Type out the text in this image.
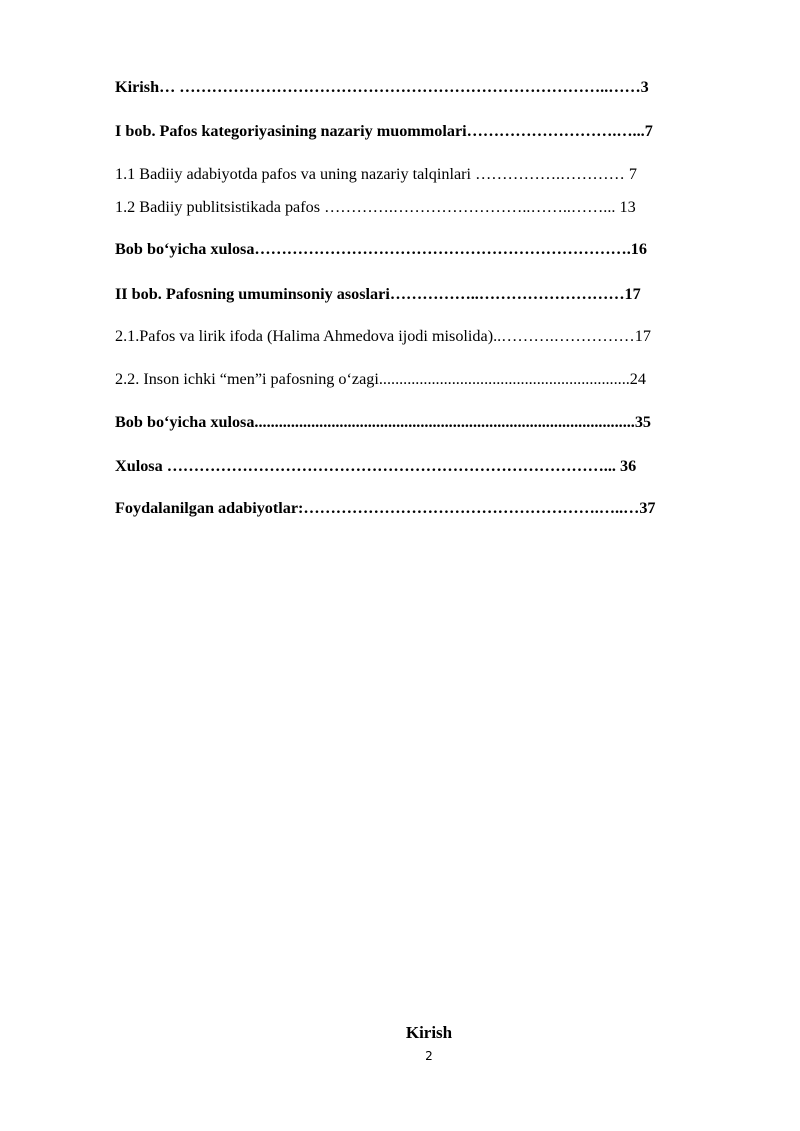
Kirish… ……………………………………………………………………..……3
I bob. Pafos kategoriyasining nazariy muommolari……………………….…...7
1.1 Badiiy adabiyotda pafos va uning nazariy talqinlari …………….………… 7
1.2 Badiiy publitsistikada pafos ………….……………………..……..……... 13
Bob bo‘yicha xulosa…………………………………………………………….16
II bob. Pafosning umuminsoniy asoslari……………..………………………17
2.1.Pafos va lirik ifoda (Halima Ahmedova ijodi misolida)..……….……………17
2.2. Inson ichki “men”i pafosning o‘zagi..............................................................24
Bob bo‘yicha xulosa..............................................................................................35
Xulosa ………………………………………………………………………... 36
Foydalanilgan adabiyotlar:……………………………………………….…..…37
Kirish
2
